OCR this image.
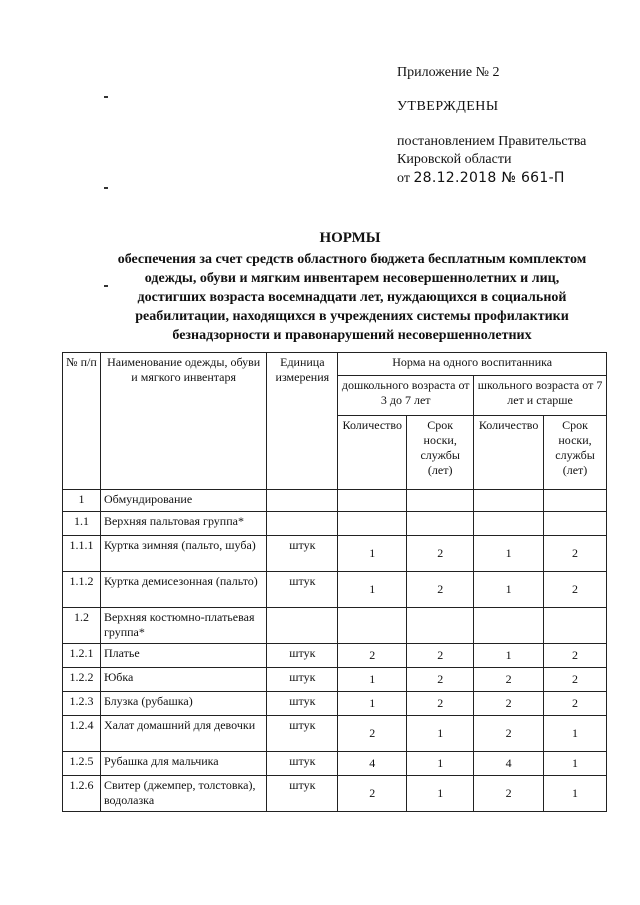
Приложение № 2
УТВЕРЖДЕНЫ
постановлением Правительства
Кировской области
от 28.12.2018 № 661-П
НОРМЫ
обеспечения за счет средств областного бюджета бесплатным комплектом
одежды, обуви и мягким инвентарем несовершеннолетних и лиц,
достигших возраста восемнадцати лет, нуждающихся в социальной
реабилитации, находящихся в учреждениях системы профилактики
безнадзорности и правонарушений несовершеннолетних
№ п/п	Наименование одежды, обуви и мягкого инвентаря	Единица измерения	Норма на одного воспитанника			
			дошкольного возраста от 3 до 7 лет		школьного возраста от 7 лет и старше	
			Количество	Срок носки, службы (лет)	Количество	Срок носки, службы (лет)
1	Обмундирование					
1.1	Верхняя пальтовая группа*					
1.1.1	Куртка зимняя (пальто, шуба)	штук	1	2	1	2
1.1.2	Куртка демисезонная (пальто)	штук	1	2	1	2
1.2	Верхняя костюмно-платьевая группа*					
1.2.1	Платье	штук	2	2	1	2
1.2.2	Юбка	штук	1	2	2	2
1.2.3	Блузка (рубашка)	штук	1	2	2	2
1.2.4	Халат домашний для девочки	штук	2	1	2	1
1.2.5	Рубашка для мальчика	штук	4	1	4	1
1.2.6	Свитер (джемпер, толстовка), водолазка	штук	2	1	2	1
